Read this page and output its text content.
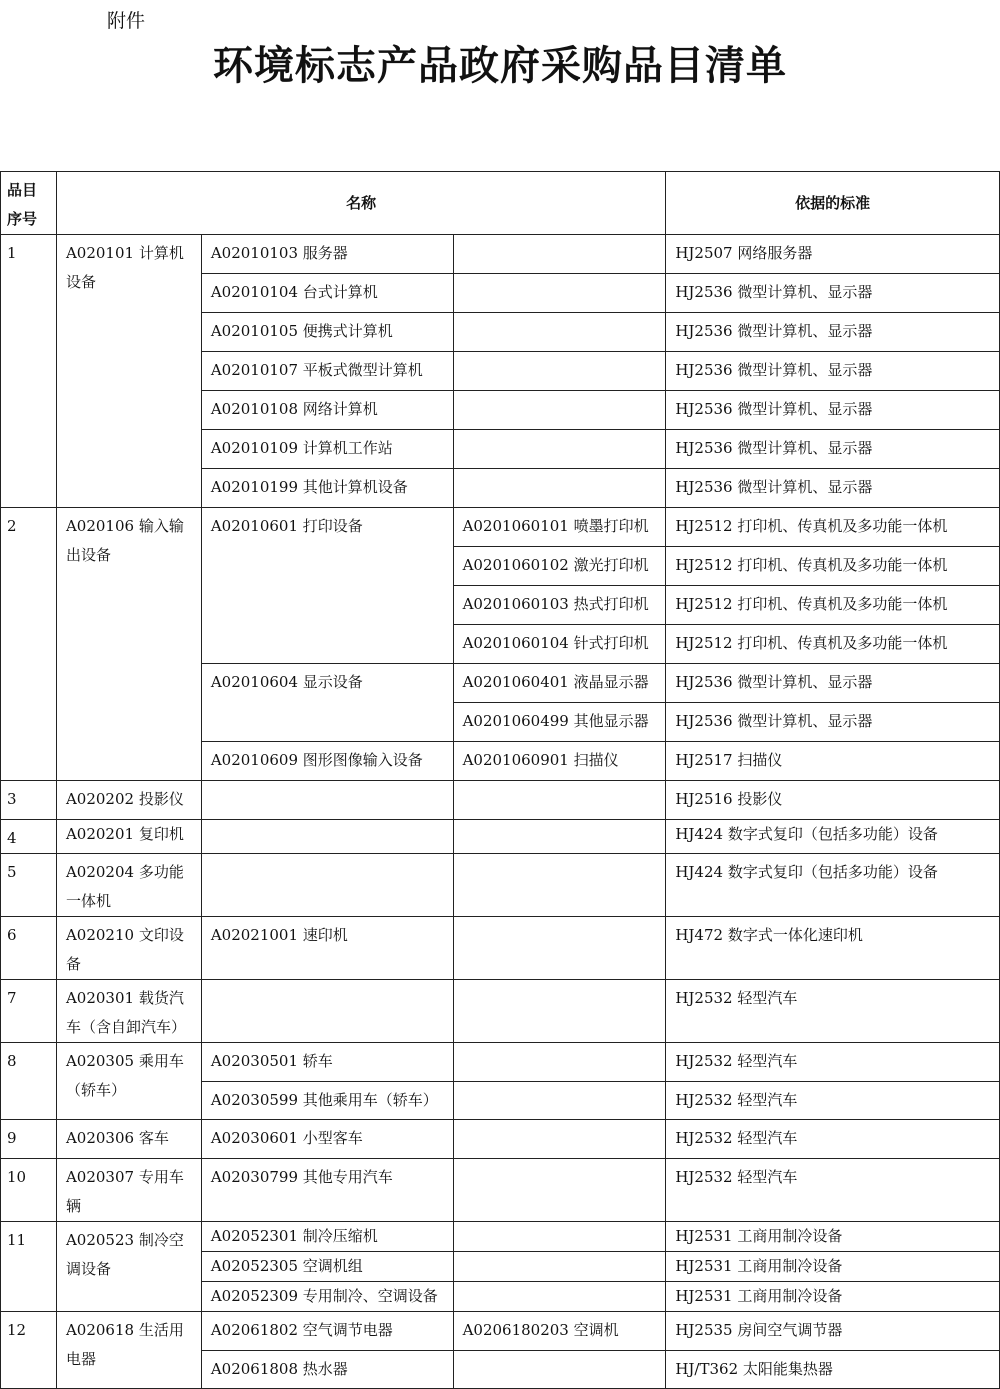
附件
环境标志产品政府采购品目清单
品目序号	名称			依据的标准
1	A020101 计算机设备	A02010103 服务器		HJ2507 网络服务器
		A02010104 台式计算机		HJ2536 微型计算机、显示器
		A02010105 便携式计算机		HJ2536 微型计算机、显示器
		A02010107 平板式微型计算机		HJ2536 微型计算机、显示器
		A02010108 网络计算机		HJ2536 微型计算机、显示器
		A02010109 计算机工作站		HJ2536 微型计算机、显示器
		A02010199 其他计算机设备		HJ2536 微型计算机、显示器
2	A020106 输入输出设备	A02010601 打印设备	A0201060101 喷墨打印机	HJ2512 打印机、传真机及多功能一体机
			A0201060102 激光打印机	HJ2512 打印机、传真机及多功能一体机
			A0201060103 热式打印机	HJ2512 打印机、传真机及多功能一体机
			A0201060104 针式打印机	HJ2512 打印机、传真机及多功能一体机
		A02010604 显示设备	A0201060401 液晶显示器	HJ2536 微型计算机、显示器
			A0201060499 其他显示器	HJ2536 微型计算机、显示器
		A02010609 图形图像输入设备	A0201060901 扫描仪	HJ2517 扫描仪
3	A020202 投影仪			HJ2516 投影仪
4	A020201 复印机			HJ424 数字式复印（包括多功能）设备
5	A020204 多功能一体机			HJ424 数字式复印（包括多功能）设备
6	A020210 文印设备	A02021001 速印机		HJ472 数字式一体化速印机
7	A020301 载货汽车（含自卸汽车）			HJ2532 轻型汽车
8	A020305 乘用车（轿车）	A02030501 轿车		HJ2532 轻型汽车
		A02030599 其他乘用车（轿车）		HJ2532 轻型汽车
9	A020306 客车	A02030601 小型客车		HJ2532 轻型汽车
10	A020307 专用车辆	A02030799 其他专用汽车		HJ2532 轻型汽车
11	A020523 制冷空调设备	A02052301 制冷压缩机		HJ2531 工商用制冷设备
		A02052305 空调机组		HJ2531 工商用制冷设备
		A02052309 专用制冷、空调设备		HJ2531 工商用制冷设备
12	A020618 生活用电器	A02061802 空气调节电器	A0206180203 空调机	HJ2535 房间空气调节器
		A02061808 热水器		HJ/T362 太阳能集热器
